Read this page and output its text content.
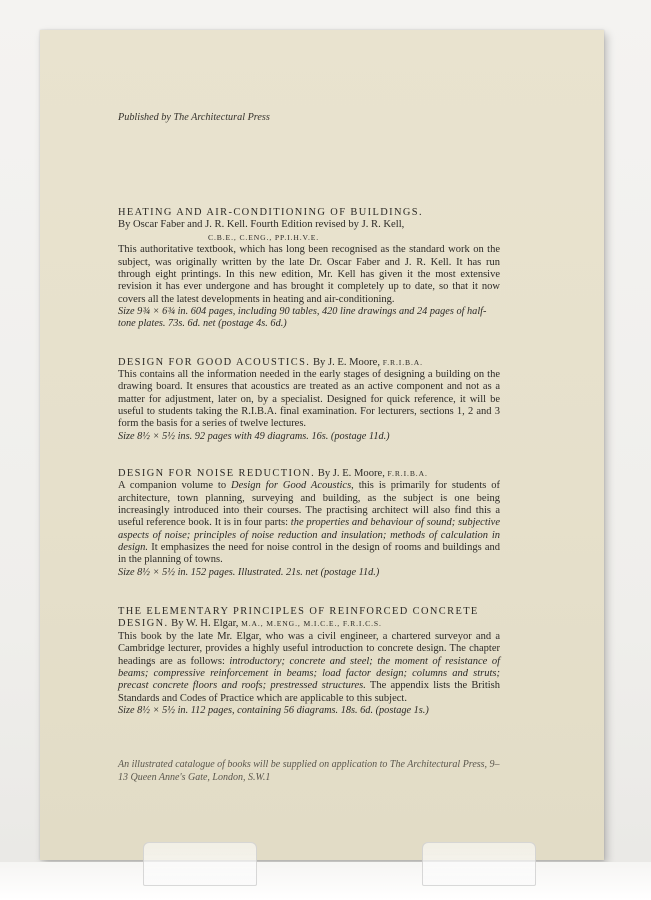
Published by The Architectural Press

HEATING AND AIR-CONDITIONING OF BUILDINGS.
By Oscar Faber and J. R. Kell. Fourth Edition revised by J. R. Kell,
C.B.E., C.ENG., PP.I.H.V.E.

This authoritative textbook, which has long been recognised as the standard work on the subject, was originally written by the late Dr. Oscar Faber and J. R. Kell. It has run through eight printings. In this new edition, Mr. Kell has given it the most extensive revision it has ever undergone and has brought it completely up to date, so that it now covers all the latest developments in heating and air-conditioning.

Size 9¾ × 6¾ in. 604 pages, including 90 tables, 420 line drawings and 24 pages of half-tone plates. 73s. 6d. net (postage 4s. 6d.)

DESIGN FOR GOOD ACOUSTICS. By J. E. Moore, F.R.I.B.A.

This contains all the information needed in the early stages of designing a building on the drawing board. It ensures that acoustics are treated as an active component and not as a matter for adjustment, later on, by a specialist. Designed for quick reference, it will be useful to students taking the R.I.B.A. final examination. For lecturers, sections 1, 2 and 3 form the basis for a series of twelve lectures.

Size 8½ × 5½ ins. 92 pages with 49 diagrams. 16s. (postage 11d.)

DESIGN FOR NOISE REDUCTION. By J. E. Moore, F.R.I.B.A.

A companion volume to Design for Good Acoustics, this is primarily for students of architecture, town planning, surveying and building, as the subject is one being increasingly introduced into their courses. The practising architect will also find this a useful reference book. It is in four parts: the properties and behaviour of sound; subjective aspects of noise; principles of noise reduction and insulation; methods of calculation in design. It emphasizes the need for noise control in the design of rooms and buildings and in the planning of towns.

Size 8½ × 5½ in. 152 pages. Illustrated. 21s. net (postage 11d.)

THE ELEMENTARY PRINCIPLES OF REINFORCED CONCRETE DESIGN. By W. H. Elgar, M.A., M.ENG., M.I.C.E., F.R.I.C.S.

This book by the late Mr. Elgar, who was a civil engineer, a chartered surveyor and a Cambridge lecturer, provides a highly useful introduction to concrete design. The chapter headings are as follows: introductory; concrete and steel; the moment of resistance of beams; compressive reinforcement in beams; load factor design; columns and struts; precast concrete floors and roofs; prestressed structures. The appendix lists the British Standards and Codes of Practice which are applicable to this subject.

Size 8½ × 5½ in. 112 pages, containing 56 diagrams. 18s. 6d. (postage 1s.)

An illustrated catalogue of books will be supplied on application to The Architectural Press, 9–13 Queen Anne's Gate, London, S.W.1
